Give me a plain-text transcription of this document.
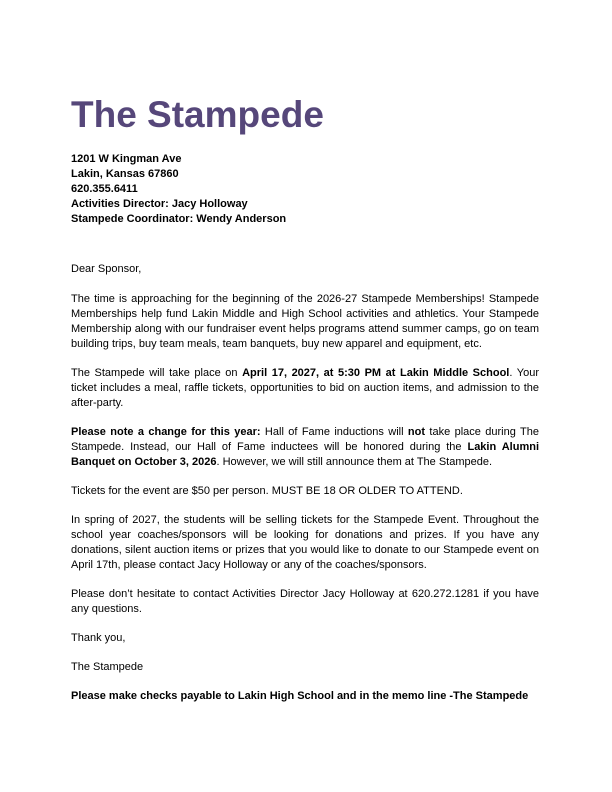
The Stampede
1201 W Kingman Ave
Lakin, Kansas 67860
620.355.6411
Activities Director: Jacy Holloway
Stampede Coordinator: Wendy Anderson

Dear Sponsor,

The time is approaching for the beginning of the 2026-27 Stampede Memberships! Stampede Memberships help fund Lakin Middle and High School activities and athletics. Your Stampede Membership along with our fundraiser event helps programs attend summer camps, go on team building trips, buy team meals, team banquets, buy new apparel and equipment, etc.

The Stampede will take place on April 17, 2027, at 5:30 PM at Lakin Middle School. Your ticket includes a meal, raffle tickets, opportunities to bid on auction items, and admission to the after-party.

Please note a change for this year: Hall of Fame inductions will not take place during The Stampede. Instead, our Hall of Fame inductees will be honored during the Lakin Alumni Banquet on October 3, 2026. However, we will still announce them at The Stampede.

Tickets for the event are $50 per person. MUST BE 18 OR OLDER TO ATTEND.

In spring of 2027, the students will be selling tickets for the Stampede Event. Throughout the school year coaches/sponsors will be looking for donations and prizes. If you have any donations, silent auction items or prizes that you would like to donate to our Stampede event on April 17th, please contact Jacy Holloway or any of the coaches/sponsors.

Please don’t hesitate to contact Activities Director Jacy Holloway at 620.272.1281 if you have any questions.

Thank you,

The Stampede

Please make checks payable to Lakin High School and in the memo line -The Stampede
